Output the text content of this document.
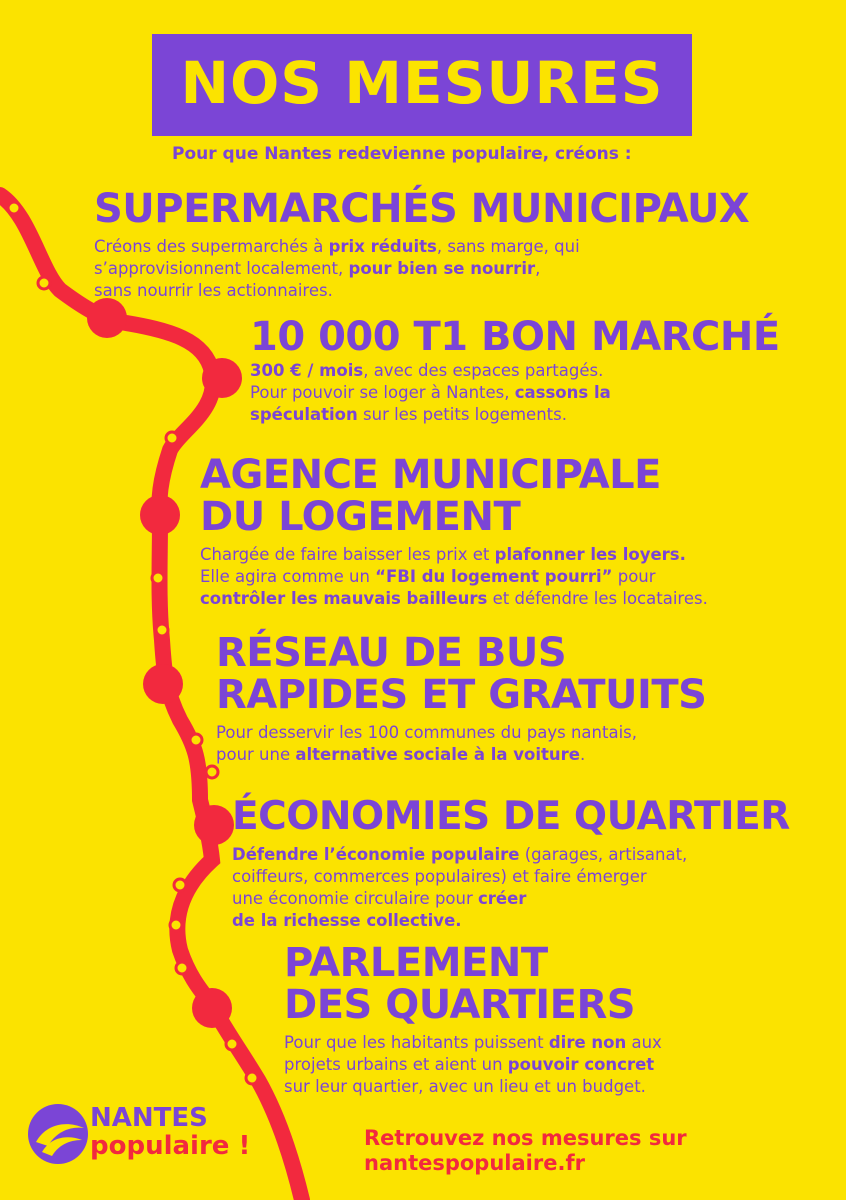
NOS MESURES
Pour que Nantes redevienne populaire, créons :
SUPERMARCHÉS MUNICIPAUX

Créons des supermarchés à prix réduits, sans marge, qui
s’approvisionnent localement, pour bien se nourrir,
sans nourrir les actionnaires.

10 000 T1 BON MARCHÉ

300 € / mois, avec des espaces partagés.
Pour pouvoir se loger à Nantes, cassons la
spéculation sur les petits logements.

AGENCE MUNICIPALE
DU LOGEMENT

Chargée de faire baisser les prix et plafonner les loyers.
Elle agira comme un “FBI du logement pourri” pour
contrôler les mauvais bailleurs et défendre les locataires.

RÉSEAU DE BUS
RAPIDES ET GRATUITS

Pour desservir les 100 communes du pays nantais,
pour une alternative sociale à la voiture.

ÉCONOMIES DE QUARTIER

Défendre l’économie populaire (garages, artisanat,
coiffeurs, commerces populaires) et faire émerger
une économie circulaire pour créer
de la richesse collective.

PARLEMENT
DES QUARTIERS

Pour que les habitants puissent dire non aux
projets urbains et aient un pouvoir concret
sur leur quartier, avec un lieu et un budget.

NANTES
populaire !	Retrouvez nos mesures sur
nantespopulaire.fr
